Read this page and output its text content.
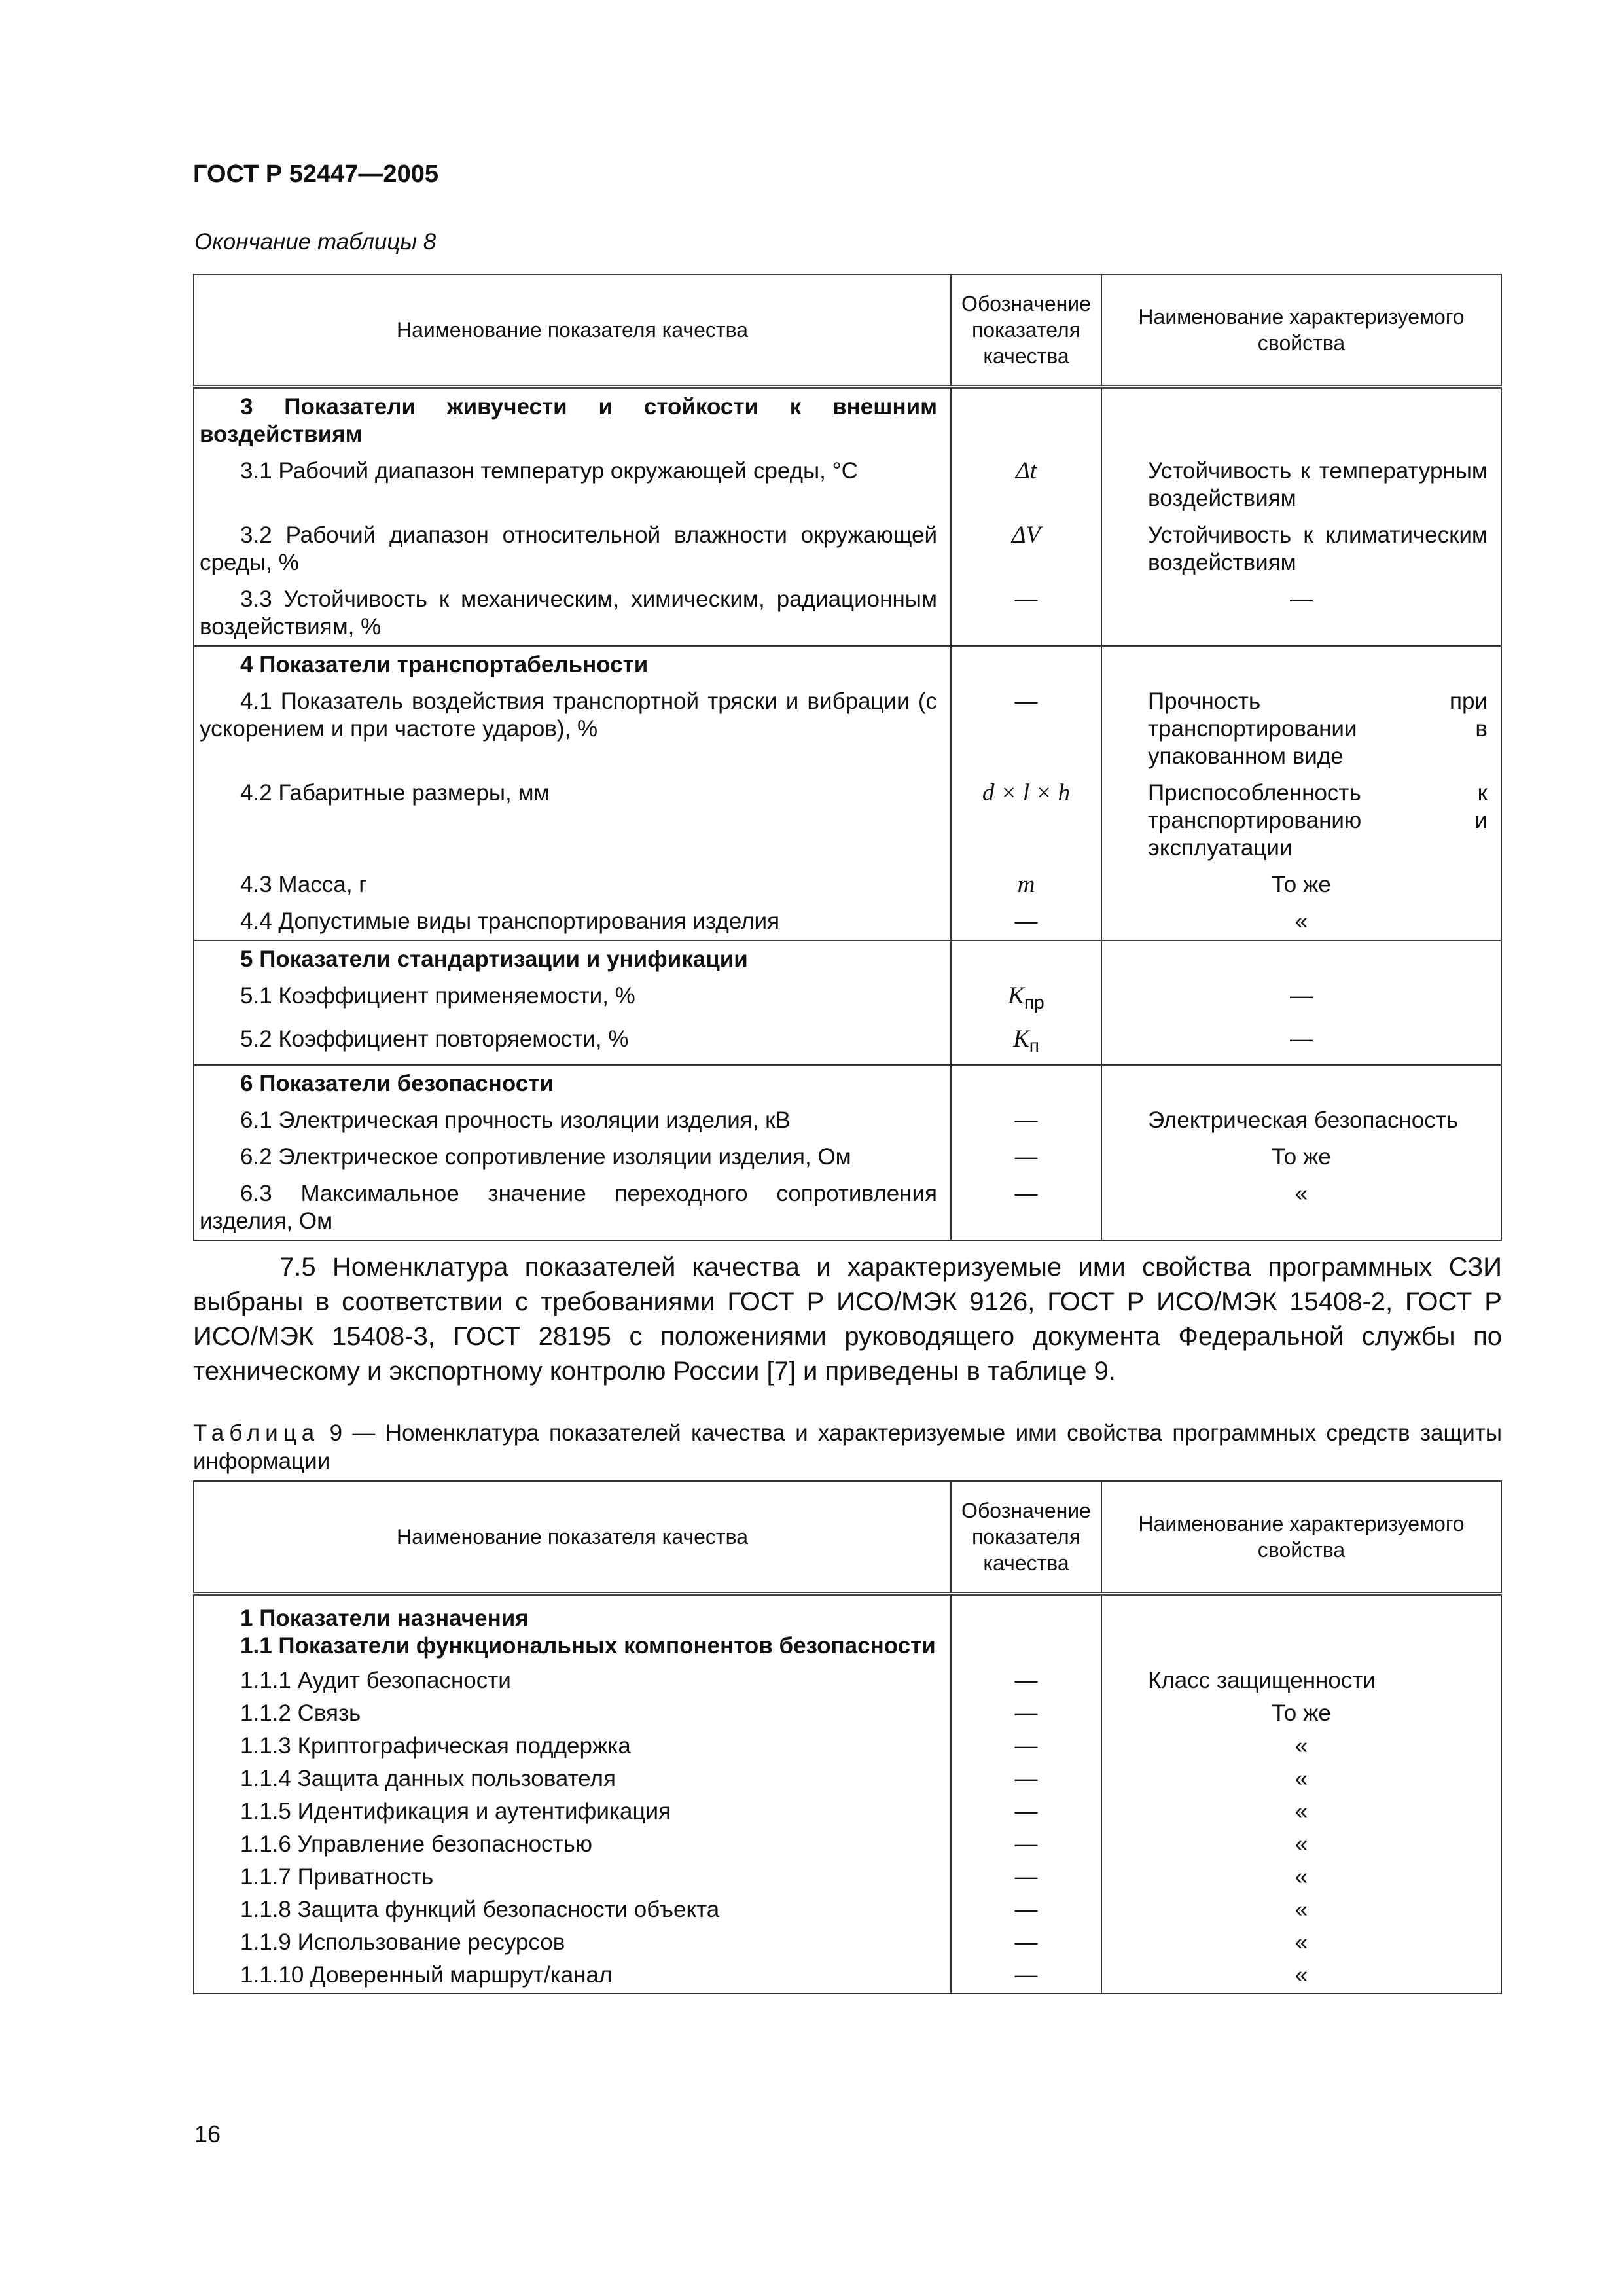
ГОСТ Р 52447—2005
Окончание таблицы 8
Наименование показателя качества	Обозначение показателя качества	Наименование характеризуемого свойства

3 Показатели живучести и стойкости к внешним воздействиям		

3.1 Рабочий диапазон температур окружающей среды, °С	Δt	Устойчивость к температурным воздействиям

3.2 Рабочий диапазон относительной влажности окружающей среды, %	ΔV	Устойчивость к климатическим воздействиям

3.3 Устойчивость к механическим, химическим, радиационным воздействиям, %	—	—

4 Показатели транспортабельности		

4.1 Показатель воздействия транспортной тряски и вибрации (с ускорением и при частоте ударов), %	—	Прочность при транспортировании в упакованном виде

4.2 Габаритные размеры, мм	d × l × h	Приспособленность к транспортированию и эксплуатации

4.3 Масса, г	m	То же

4.4 Допустимые виды транспортирования изделия	—	«

5 Показатели стандартизации и унификации		

5.1 Коэффициент применяемости, %	$K_{пр}$	—

5.2 Коэффициент повторяемости, %	$K_п$	—

6 Показатели безопасности		

6.1 Электрическая прочность изоляции изделия, кВ	—	Электрическая безопасность

6.2 Электрическое сопротивление изоляции изделия, Ом	—	То же

6.3 Максимальное значение переходного сопротивления изделия, Ом	—	«

7.5 Номенклатура показателей качества и характеризуемые ими свойства программных СЗИ выбраны в соответствии с требованиями ГОСТ Р ИСО/МЭК 9126, ГОСТ Р ИСО/МЭК 15408-2, ГОСТ Р ИСО/МЭК 15408-3, ГОСТ 28195 с положениями руководящего документа Федеральной службы по техническому и экспортному контролю России [7] и приведены в таблице 9.

Таблица 9 — Номенклатура показателей качества и характеризуемые ими свойства программных средств защиты информации
Наименование показателя качества	Обозначение показателя качества	Наименование характеризуемого свойства

1 Показатели назначения		

1.1 Показатели функциональных компонентов безопасности		

1.1.1 Аудит безопасности	—	Класс защищенности

1.1.2 Связь	—	То же

1.1.3 Криптографическая поддержка	—	«

1.1.4 Защита данных пользователя	—	«

1.1.5 Идентификация и аутентификация	—	«

1.1.6 Управление безопасностью	—	«

1.1.7 Приватность	—	«

1.1.8 Защита функций безопасности объекта	—	«

1.1.9 Использование ресурсов	—	«

1.1.10 Доверенный маршрут/канал	—	«
16
